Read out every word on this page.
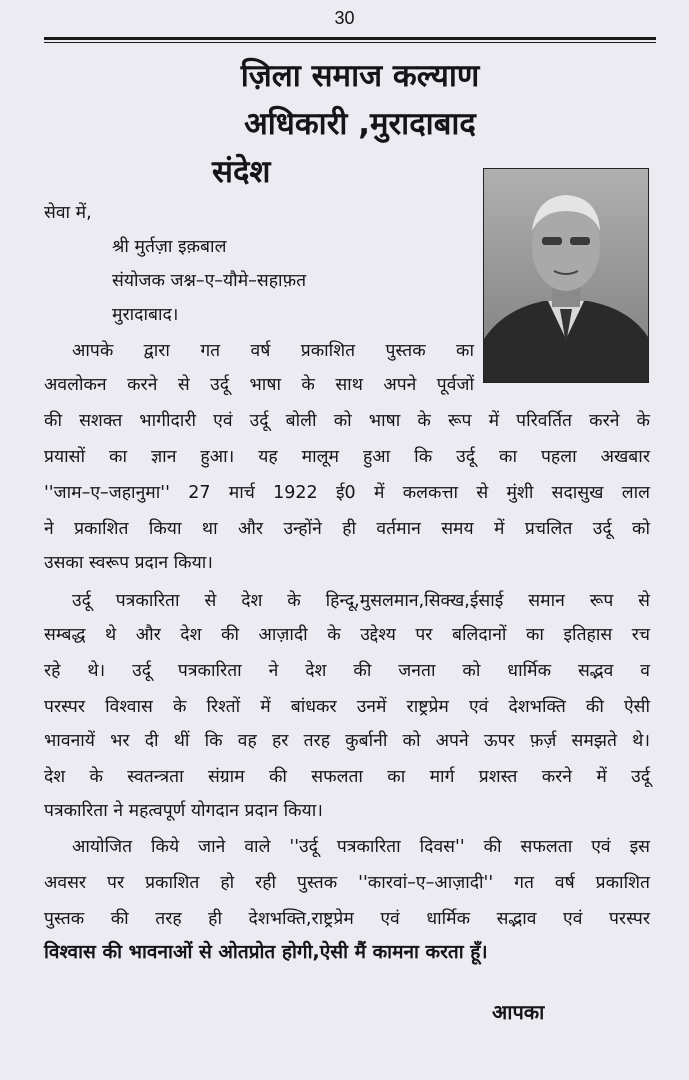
30
ज़िला समाज कल्याण
अधिकारी ,मुरादाबाद
संदेश
सेवा में,
श्री मुर्तज़ा इक़बाल
संयोजक जश्न–ए–यौमे–सहाफ़त
मुरादाबाद।
आपके द्वारा गत वर्ष प्रकाशित पुस्तक का
अवलोकन करने से उर्दू भाषा के साथ अपने पूर्वजों
की सशक्त भागीदारी एवं उर्दू बोली को भाषा के रूप में परिवर्तित करने के
प्रयासों का ज्ञान हुआ। यह मालूम हुआ कि उर्दू का पहला अखबार
''जाम–ए–जहानुमा'' 27 मार्च 1922 ई0 में कलकत्ता से मुंशी सदासुख लाल
ने प्रकाशित किया था और उन्होंने ही वर्तमान समय में प्रचलित उर्दू को
उसका स्वरूप प्रदान किया।
उर्दू पत्रकारिता से देश के हिन्दू,मुसलमान,सिक्ख,ईसाई समान रूप से
सम्बद्ध थे और देश की आज़ादी के उद्देश्य पर बलिदानों का इतिहास रच
रहे थे। उर्दू पत्रकारिता ने देश की जनता को धार्मिक सद्भव व
परस्पर विश्वास के रिश्तों में बांधकर उनमें राष्ट्रप्रेम एवं देशभक्ति की ऐसी
भावनायें भर दी थीं कि वह हर तरह कुर्बानी को अपने ऊपर फ़र्ज़ समझते थे।
देश के स्वतन्त्रता संग्राम की सफलता का मार्ग प्रशस्त करने में उर्दू
पत्रकारिता ने महत्वपूर्ण योगदान प्रदान किया।
आयोजित किये जाने वाले ''उर्दू पत्रकारिता दिवस'' की सफलता एवं इस
अवसर पर प्रकाशित हो रही पुस्तक ''कारवां–ए–आज़ादी'' गत वर्ष प्रकाशित
पुस्तक की तरह ही देशभक्ति,राष्ट्रप्रेम एवं धार्मिक सद्भाव एवं परस्पर
विश्वास की भावनाओं से ओतप्रोत होगी,ऐसी मैं कामना करता हूँ।
आपका
